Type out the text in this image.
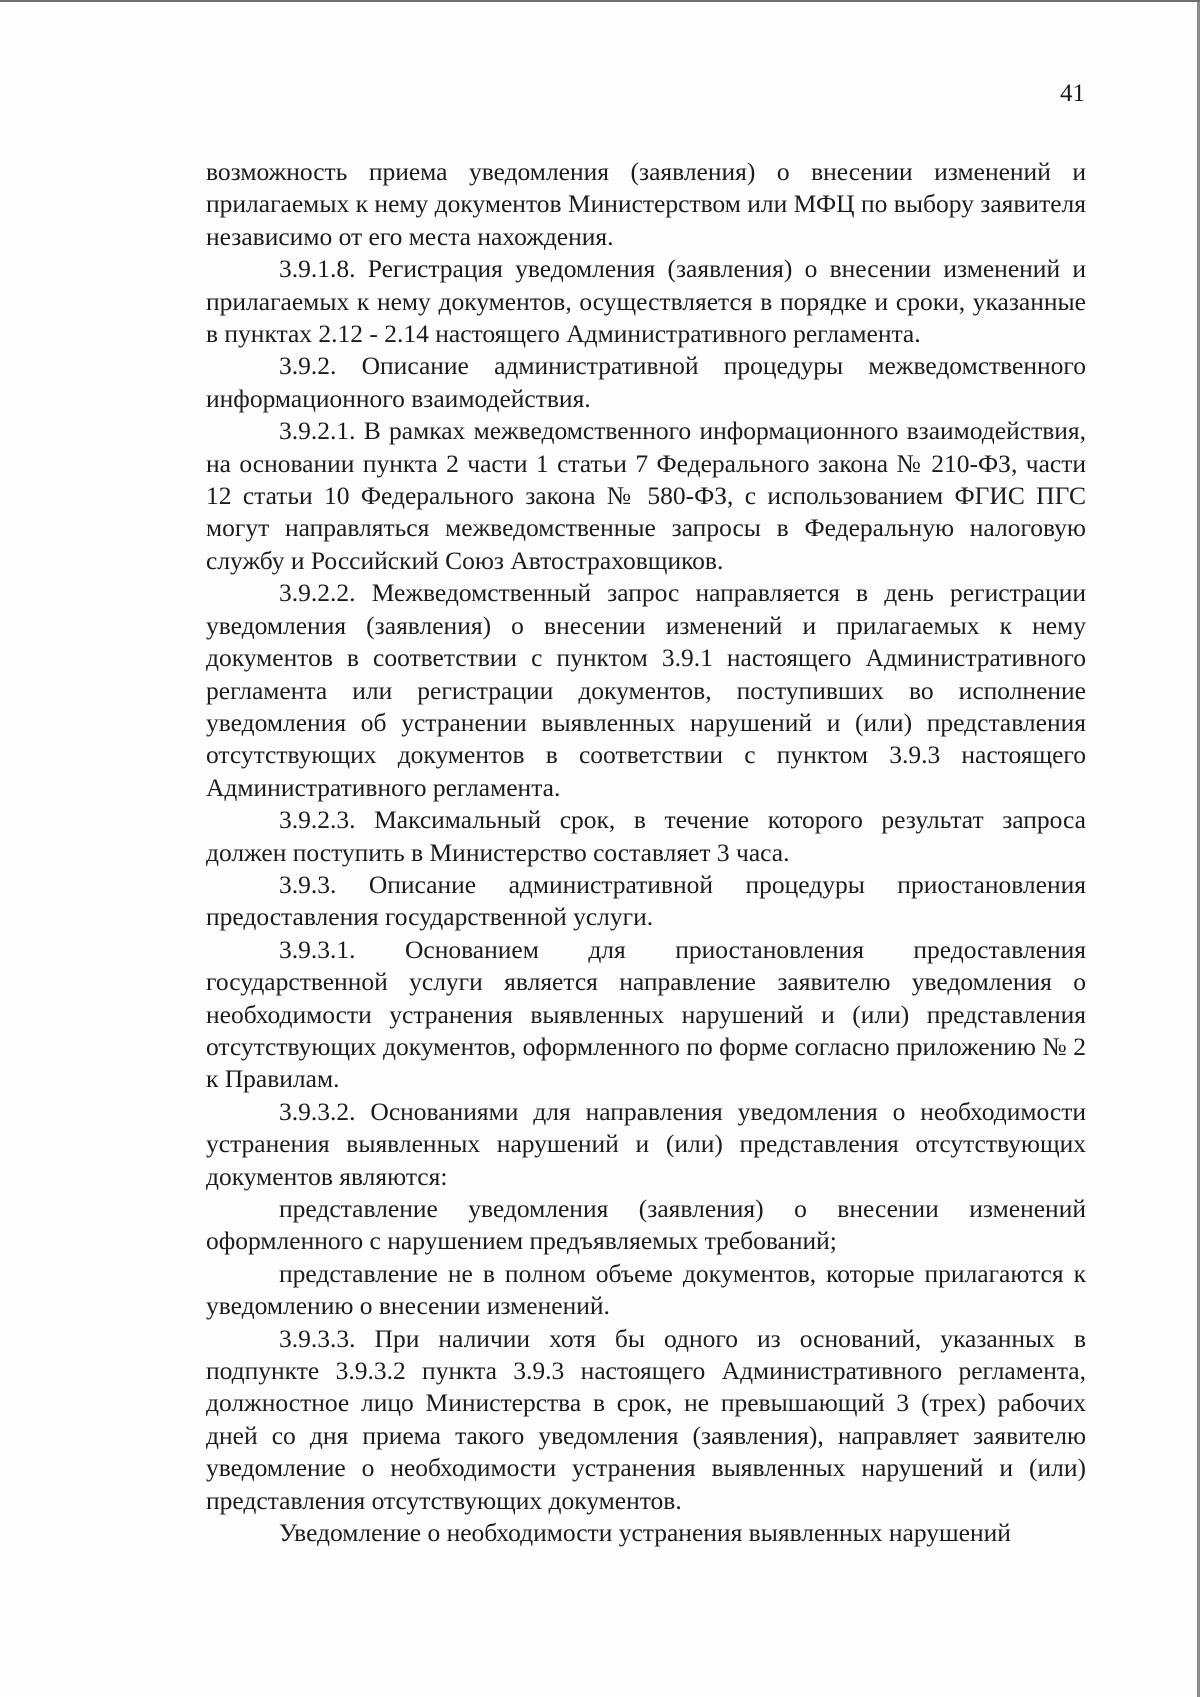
41

возможность приема уведомления (заявления) о внесении изменений и прилагаемых к нему документов Министерством или МФЦ по выбору заявителя независимо от его места нахождения.

3.9.1.8. Регистрация уведомления (заявления) о внесении изменений и прилагаемых к нему документов, осуществляется в порядке и сроки, указанные в пунктах 2.12 - 2.14 настоящего Административного регламента.

3.9.2. Описание административной процедуры межведомственного информационного взаимодействия.

3.9.2.1. В рамках межведомственного информационного взаимодействия, на основании пункта 2 части 1 статьи 7 Федерального закона № 210-ФЗ, части 12 статьи 10 Федерального закона № 580-ФЗ, с использованием ФГИС ПГС могут направляться межведомственные запросы в Федеральную налоговую службу и Российский Союз Автостраховщиков.

3.9.2.2. Межведомственный запрос направляется в день регистрации уведомления (заявления) о внесении изменений и прилагаемых к нему документов в соответствии с пунктом 3.9.1 настоящего Административного регламента или регистрации документов, поступивших во исполнение уведомления об устранении выявленных нарушений и (или) представления отсутствующих документов в соответствии с пунктом 3.9.3 настоящего Административного регламента.

3.9.2.3. Максимальный срок, в течение которого результат запроса должен поступить в Министерство составляет 3 часа.

3.9.3. Описание административной процедуры приостановления предоставления государственной услуги.

3.9.3.1. Основанием для приостановления предоставления государственной услуги является направление заявителю уведомления о необходимости устранения выявленных нарушений и (или) представления отсутствующих документов, оформленного по форме согласно приложению № 2 к Правилам.

3.9.3.2. Основаниями для направления уведомления о необходимости устранения выявленных нарушений и (или) представления отсутствующих документов являются:

представление уведомления (заявления) о внесении изменений оформленного с нарушением предъявляемых требований;

представление не в полном объеме документов, которые прилагаются к уведомлению о внесении изменений.

3.9.3.3. При наличии хотя бы одного из оснований, указанных в подпункте 3.9.3.2 пункта 3.9.3 настоящего Административного регламента, должностное лицо Министерства в срок, не превышающий 3 (трех) рабочих дней со дня приема такого уведомления (заявления), направляет заявителю уведомление о необходимости устранения выявленных нарушений и (или) представления отсутствующих документов.

Уведомление о необходимости устранения выявленных нарушений
